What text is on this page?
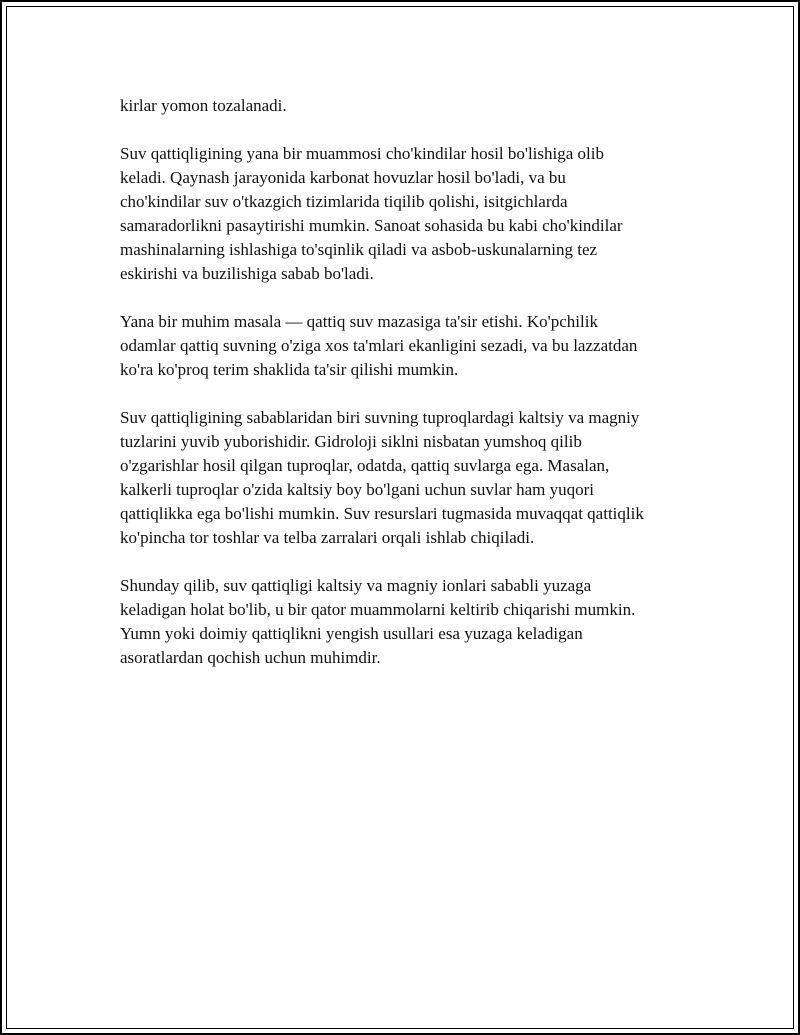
kirlar yomon tozalanadi.

Suv qattiqligining yana bir muammosi cho'kindilar hosil bo'lishiga olib
keladi. Qaynash jarayonida karbonat hovuzlar hosil bo'ladi, va bu
cho'kindilar suv o'tkazgich tizimlarida tiqilib qolishi, isitgichlarda
samaradorlikni pasaytirishi mumkin. Sanoat sohasida bu kabi cho'kindilar
mashinalarning ishlashiga to'sqinlik qiladi va asbob-uskunalarning tez
eskirishi va buzilishiga sabab bo'ladi.

Yana bir muhim masala — qattiq suv mazasiga ta'sir etishi. Ko'pchilik
odamlar qattiq suvning o'ziga xos ta'mlari ekanligini sezadi, va bu lazzatdan
ko'ra ko'proq terim shaklida ta'sir qilishi mumkin.

Suv qattiqligining sabablaridan biri suvning tuproqlardagi kaltsiy va magniy
tuzlarini yuvib yuborishidir. Gidroloji siklni nisbatan yumshoq qilib
o'zgarishlar hosil qilgan tuproqlar, odatda, qattiq suvlarga ega. Masalan,
kalkerli tuproqlar o'zida kaltsiy boy bo'lgani uchun suvlar ham yuqori
qattiqlikka ega bo'lishi mumkin. Suv resurslari tugmasida muvaqqat qattiqlik
ko'pincha tor toshlar va telba zarralari orqali ishlab chiqiladi.

Shunday qilib, suv qattiqligi kaltsiy va magniy ionlari sababli yuzaga
keladigan holat bo'lib, u bir qator muammolarni keltirib chiqarishi mumkin.
Yumn yoki doimiy qattiqlikni yengish usullari esa yuzaga keladigan
asoratlardan qochish uchun muhimdir.
